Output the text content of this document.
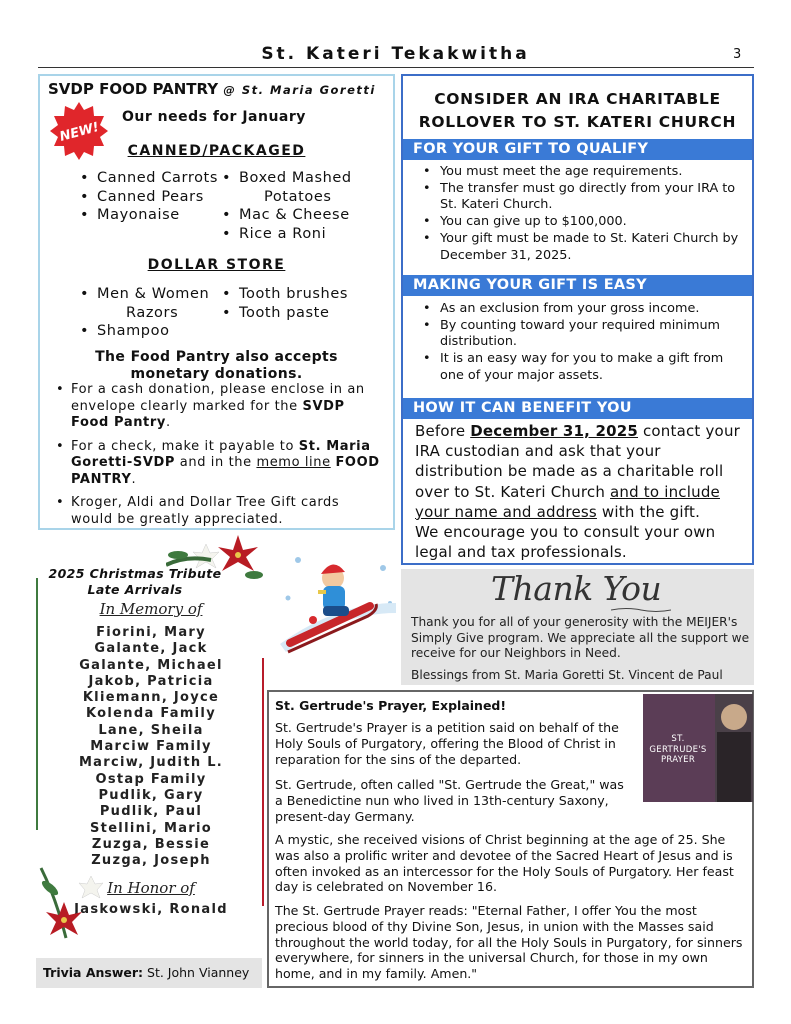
St. Kateri Tekakwitha	3
SVDP FOOD PANTRY @ St. Maria Goretti
NEW!
Our needs for January
CANNED/PACKAGED
• Canned Carrots
• Canned Pears
• Mayonaise
• Boxed Mashed
Potatoes
• Mac & Cheese
• Rice a Roni
DOLLAR STORE
• Men & Women
Razors
• Shampoo
• Tooth brushes
• Tooth paste
The Food Pantry also accepts
monetary donations.
• For a cash donation, please enclose in an envelope clearly marked for the SVDP Food Pantry.
• For a check, make it payable to St. Maria Goretti-SVDP and in the memo line FOOD PANTRY.
• Kroger, Aldi and Dollar Tree Gift cards would be greatly appreciated.
CONSIDER AN IRA CHARITABLE
ROLLOVER TO ST. KATERI CHURCH
FOR YOUR GIFT TO QUALIFY
• You must meet the age requirements.
• The transfer must go directly from your IRA to St. Kateri Church.
• You can give up to $100,000.
• Your gift must be made to St. Kateri Church by December 31, 2025.
MAKING YOUR GIFT IS EASY
• As an exclusion from your gross income.
• By counting toward your required minimum distribution.
• It is an easy way for you to make a gift from one of your major assets.
HOW IT CAN BENEFIT YOU
Before December 31, 2025 contact your IRA custodian and ask that your distribution be made as a charitable roll over to St. Kateri Church and to include your name and address with the gift.
We encourage you to consult your own legal and tax professionals.
Thank You
Thank you for all of your generosity with the MEIJER's Simply Give program. We appreciate all the support we receive for our Neighbors in Need.
Blessings from St. Maria Goretti St. Vincent de Paul
2025 Christmas Tribute
Late Arrivals
In Memory of
Fiorini, Mary
Galante, Jack
Galante, Michael
Jakob, Patricia
Kliemann, Joyce
Kolenda Family
Lane, Sheila
Marciw Family
Marciw, Judith L.
Ostap Family
Pudlik, Gary
Pudlik, Paul
Stellini, Mario
Zuzga, Bessie
Zuzga, Joseph
In Honor of
Jaskowski, Ronald
St. Gertrude's Prayer, Explained!
ST. GERTRUDE'S PRAYER
St. Gertrude's Prayer is a petition said on behalf of the Holy Souls of Purgatory, offering the Blood of Christ in reparation for the sins of the departed.
St. Gertrude, often called "St. Gertrude the Great," was a Benedictine nun who lived in 13th-century Saxony, present-day Germany.
A mystic, she received visions of Christ beginning at the age of 25. She was also a prolific writer and devotee of the Sacred Heart of Jesus and is often invoked as an intercessor for the Holy Souls of Purgatory. Her feast day is celebrated on November 16.
The St. Gertrude Prayer reads: "Eternal Father, I offer You the most precious blood of thy Divine Son, Jesus, in union with the Masses said throughout the world today, for all the Holy Souls in Purgatory, for sinners everywhere, for sinners in the universal Church, for those in my own home, and in my family. Amen."
Trivia Answer: St. John Vianney
